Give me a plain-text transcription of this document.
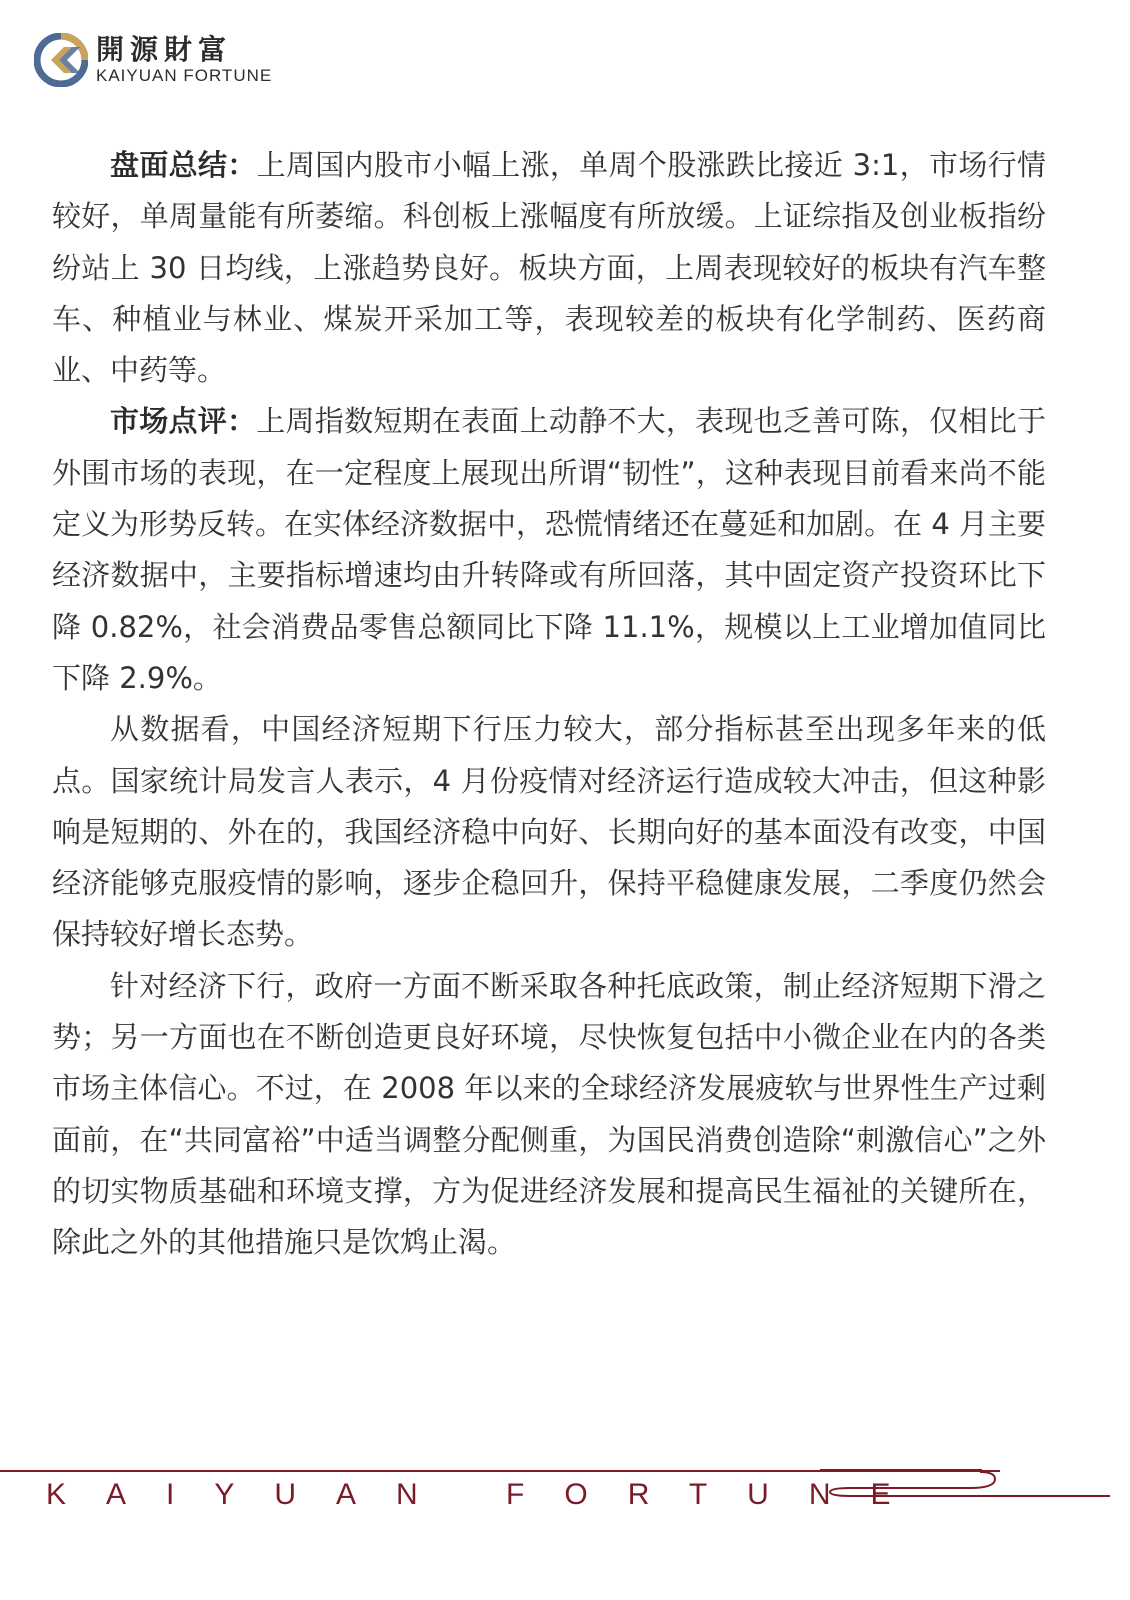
開源財富
KAIYUAN FORTUNE

盘面总结：上周国内股市小幅上涨，单周个股涨跌比接近 3:1，市场行情较好，单周量能有所萎缩。科创板上涨幅度有所放缓。上证综指及创业板指纷纷站上 30 日均线，上涨趋势良好。板块方面，上周表现较好的板块有汽车整车、种植业与林业、煤炭开采加工等，表现较差的板块有化学制药、医药商业、中药等。

市场点评：上周指数短期在表面上动静不大，表现也乏善可陈，仅相比于外围市场的表现，在一定程度上展现出所谓“韧性”，这种表现目前看来尚不能定义为形势反转。在实体经济数据中，恐慌情绪还在蔓延和加剧。在 4 月主要经济数据中，主要指标增速均由升转降或有所回落，其中固定资产投资环比下降 0.82%，社会消费品零售总额同比下降 11.1%，规模以上工业增加值同比下降 2.9%。

从数据看，中国经济短期下行压力较大，部分指标甚至出现多年来的低点。国家统计局发言人表示，4 月份疫情对经济运行造成较大冲击，但这种影响是短期的、外在的，我国经济稳中向好、长期向好的基本面没有改变，中国经济能够克服疫情的影响，逐步企稳回升，保持平稳健康发展，二季度仍然会保持较好增长态势。

针对经济下行，政府一方面不断采取各种托底政策，制止经济短期下滑之势；另一方面也在不断创造更良好环境，尽快恢复包括中小微企业在内的各类市场主体信心。不过，在 2008 年以来的全球经济发展疲软与世界性生产过剩面前，在“共同富裕”中适当调整分配侧重，为国民消费创造除“刺激信心”之外的切实物质基础和环境支撑，方为促进经济发展和提高民生福祉的关键所在，除此之外的其他措施只是饮鸩止渴。

KAIYUAN FORTUNE
